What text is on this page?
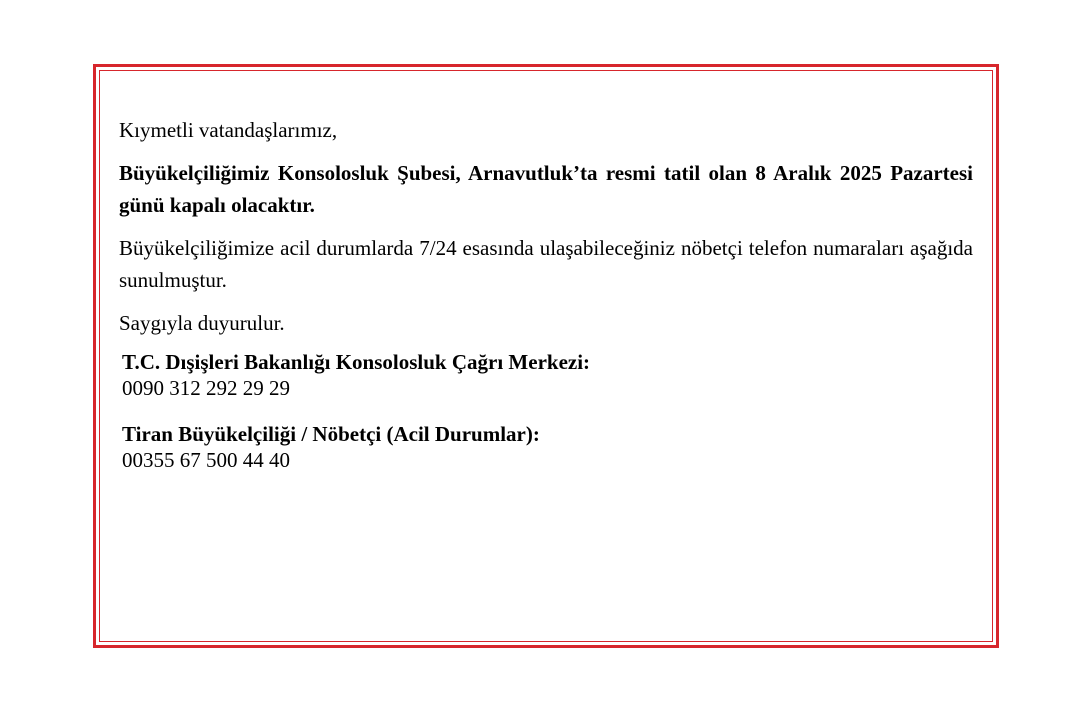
Kıymetli vatandaşlarımız,

Büyükelçiliğimiz Konsolosluk Şubesi, Arnavutluk’ta resmi tatil olan 8 Aralık 2025 Pazartesi günü kapalı olacaktır.

Büyükelçiliğimize acil durumlarda 7/24 esasında ulaşabileceğiniz nöbetçi telefon numaraları aşağıda sunulmuştur.

Saygıyla duyurulur.

T.C. Dışişleri Bakanlığı Konsolosluk Çağrı Merkezi:
0090 312 292 29 29
Tiran Büyükelçiliği / Nöbetçi (Acil Durumlar):
00355 67 500 44 40
